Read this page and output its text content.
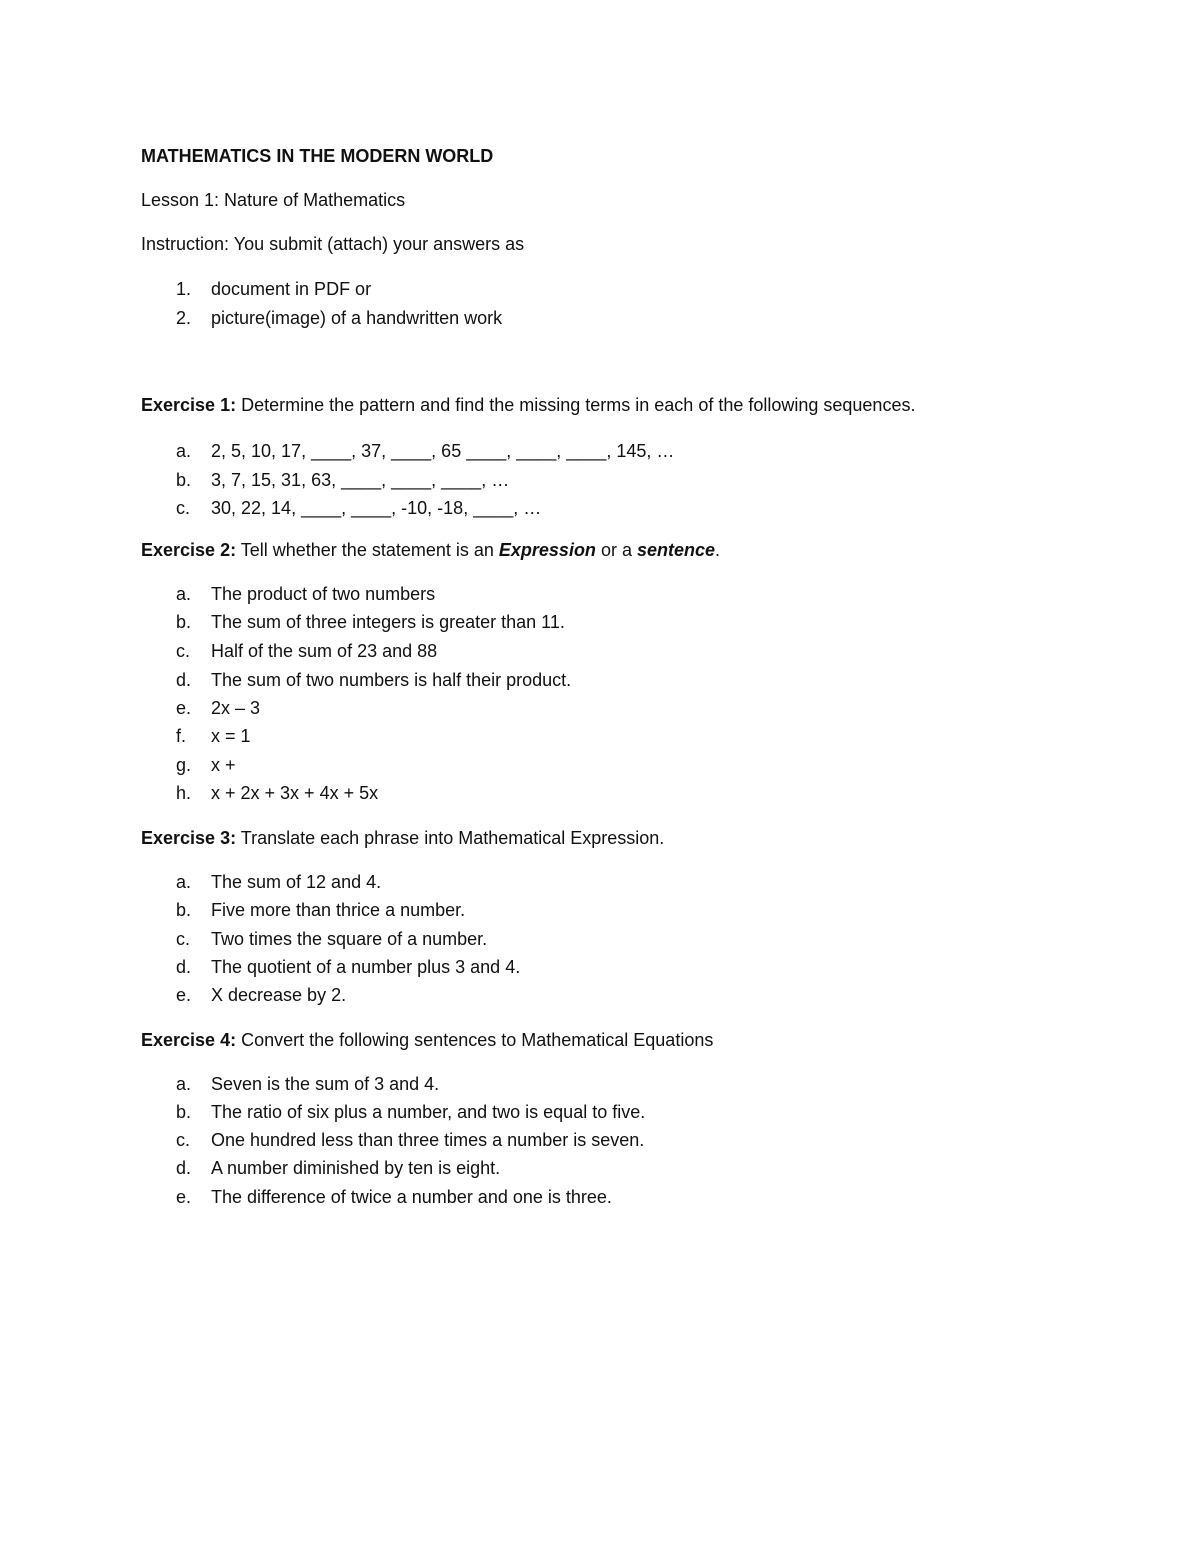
MATHEMATICS IN THE MODERN WORLD
Lesson 1: Nature of Mathematics
Instruction: You submit (attach) your answers as
1. document in PDF or
2. picture(image) of a handwritten work
Exercise 1: Determine the pattern and find the missing terms in each of the following sequences.
a. 2, 5, 10, 17, ____, 37, ____, 65 ____, ____, ____, 145, …
b. 3, 7, 15, 31, 63, ____, ____, ____, …
c. 30, 22, 14, ____, ____, -10, -18, ____, …
Exercise 2: Tell whether the statement is an Expression or a sentence.
a. The product of two numbers
b. The sum of three integers is greater than 11.
c. Half of the sum of 23 and 88
d. The sum of two numbers is half their product.
e. 2x – 3
f. x = 1
g. x +
h. x + 2x + 3x + 4x + 5x
Exercise 3: Translate each phrase into Mathematical Expression.
a. The sum of 12 and 4.
b. Five more than thrice a number.
c. Two times the square of a number.
d. The quotient of a number plus 3 and 4.
e. X decrease by 2.
Exercise 4: Convert the following sentences to Mathematical Equations
a. Seven is the sum of 3 and 4.
b. The ratio of six plus a number, and two is equal to five.
c. One hundred less than three times a number is seven.
d. A number diminished by ten is eight.
e. The difference of twice a number and one is three.
